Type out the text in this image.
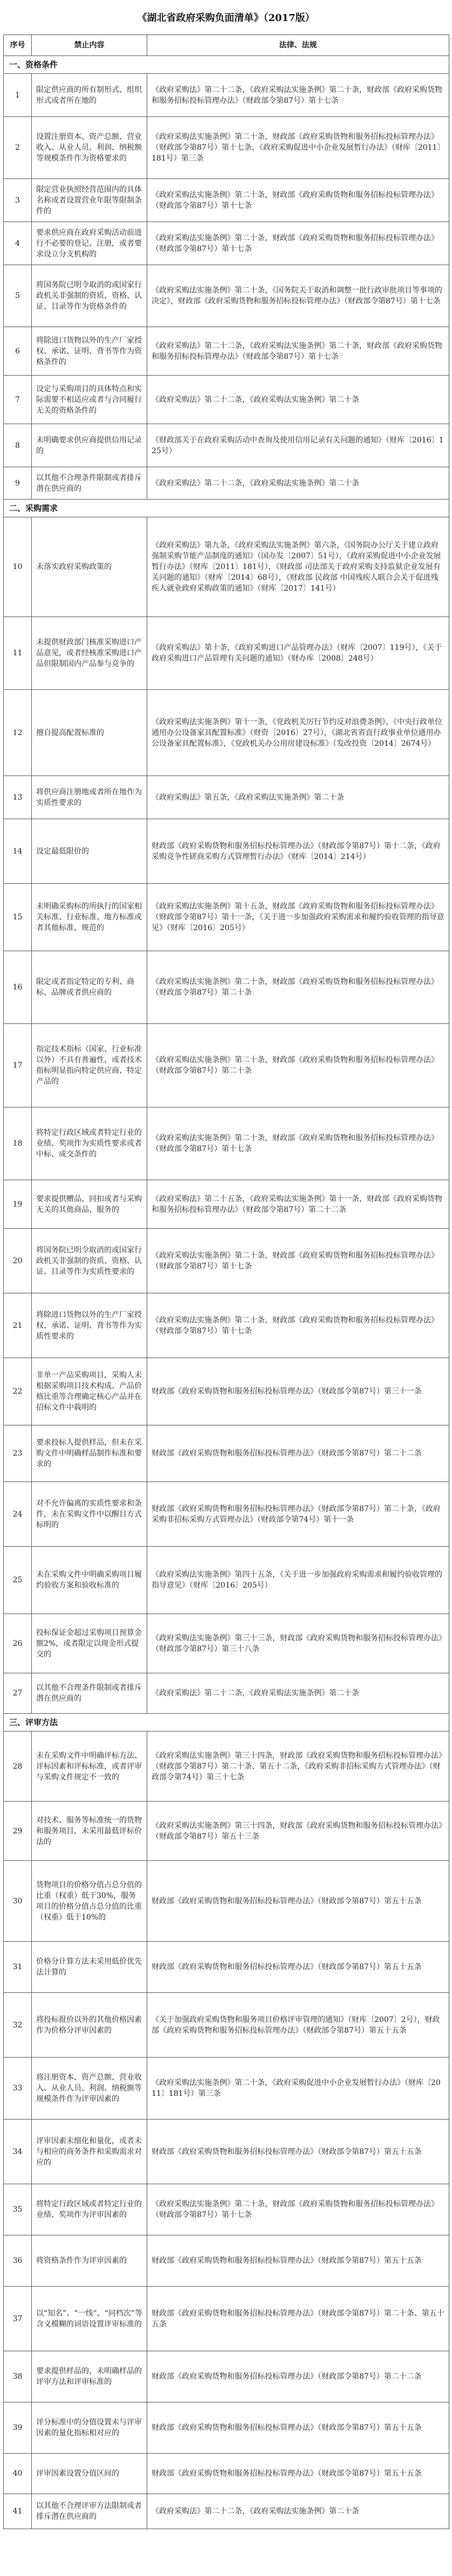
《湖北省政府采购负面清单》（2017版）
序号	禁止内容	法律、法规
一、资格条件		
1	限定供应商的所有制形式、组织形式或者所在地的	《政府采购法》第二十二条，《政府采购法实施条例》第二十条，财政部《政府采购货物和服务招标投标管理办法》（财政部令第87号）第十七条
2	设置注册资本、资产总额、营业收入、从业人员、利润、纳税额等规模条件作为资格要求的	《政府采购法实施条例》第二十条，财政部《政府采购货物和服务招标投标管理办法》（财政部令第87号）第十七条，《政府采购促进中小企业发展暂行办法》（财库〔2011〕181号）第三条
3	限定营业执照经营范围内的具体名称或者设置营业年限等限制条件的	《政府采购法实施条例》第二十条，财政部《政府采购货物和服务招标投标管理办法》（财政部令第87号）第十七条
4	要求供应商在政府采购活动前进行不必要的登记、注册，或者要求设立分支机构的	《政府采购法实施条例》第二十条，财政部《政府采购货物和服务招标投标管理办法》（财政部令第87号）第十七条
5	将国务院已明令取消的或国家行政机关非强制的资质、资格、认证、目录等作为资格条件的	《政府采购法实施条例》第二十条，《国务院关于取消和调整一批行政审批项目等事项的决定》，财政部《政府采购货物和服务招标投标管理办法》（财政部令第87号）第十七条
6	将除进口货物以外的生产厂家授权、承诺、证明、背书等作为资格条件的	《政府采购法》第二十二条，《政府采购法实施条例》第二十条，财政部《政府采购货物和服务招标投标管理办法》（财政部令第87号）第十七条
7	设定与采购项目的具体特点和实际需要不相适应或者与合同履行无关的资格条件的	《政府采购法》第二十二条，《政府采购法实施条例》第二十条
8	未明确要求供应商提供信用记录的	《财政部关于在政府采购活动中查询及使用信用记录有关问题的通知》（财库〔2016〕125号）
9	以其他不合理条件限制或者排斥潜在供应商的	《政府采购法》第二十二条，《政府采购法实施条例》第二十条
二、采购需求		
10	未落实政府采购政策的	《政府采购法》第九条，《政府采购法实施条例》第六条，《国务院办公厅关于建立政府强制采购节能产品制度的通知》（国办发〔2007〕51号），《政府采购促进中小企业发展暂行办法》（财库〔2011〕181号），《财政部 司法部关于政府采购支持监狱企业发展有关问题的通知》（财库〔2014〕68号），《财政部 民政部 中国残疾人联合会关于促进残疾人就业政府采购政策的通知》（财库〔2017〕141号）
11	未提供财政部门核准采购进口产品意见，或者经核准采购进口产品但限制国内产品参与竞争的	《政府采购法》第十条，《政府采购进口产品管理办法》（财库〔2007〕119号），《关于政府采购进口产品管理有关问题的通知》（财办库〔2008〕248号）
12	擅自提高配置标准的	《政府采购法实施条例》第十一条，《党政机关厉行节约反对浪费条例》，《中央行政单位通用办公设备家具配置标准》（财资〔2016〕27号），《湖北省省直行政事业单位通用办公设备家具配置标准》，《党政机关办公用房建设标准》（发改投资〔2014〕2674号）
13	将供应商注册地或者所在地作为实质性要求的	《政府采购法》第五条，《政府采购法实施条例》第二十条
14	设定最低限价的	财政部《政府采购货物和服务招标投标管理办法》（财政部令第87号）第十二条，《政府采购竞争性磋商采购方式管理暂行办法》（财库〔2014〕214号）
15	未明确采购标的所执行的国家相关标准、行业标准、地方标准或者其他标准、规范的	《政府采购法实施条例》第十五条，财政部《政府采购货物和服务招标投标管理办法》（财政部令第87号）第十一条，《关于进一步加强政府采购需求和履约验收管理的指导意见》（财库〔2016〕205号）
16	限定或者指定特定的专利、商标、品牌或者供应商的	《政府采购法实施条例》第二十条，财政部《政府采购货物和服务招标投标管理办法》（财政部令第87号）第二十条
17	指定技术指标（国家、行业标准以外）不具有普遍性，或者技术指标明显指向特定供应商、特定产品的	《政府采购法实施条例》第二十条，财政部《政府采购货物和服务招标投标管理办法》（财政部令第87号）第二十条
18	将特定行政区域或者特定行业的业绩、奖项作为实质性要求或者中标、成交条件的	《政府采购法实施条例》第二十条，财政部《政府采购货物和服务招标投标管理办法》（财政部令第87号）第十七条
19	要求提供赠品、回扣或者与采购无关的其他商品、服务的	《政府采购法》第二十五条，《政府采购法实施条例》第十一条，财政部《政府采购货物和服务招标投标管理办法》（财政部令第87号）第二十二条
20	将国务院已明令取消的或国家行政机关非强制的资质、资格、认证、目录等作为实质性要求的	《政府采购法实施条例》第二十条，财政部《政府采购货物和服务招标投标管理办法》（财政部令第87号）第十七条
21	将除进口货物以外的生产厂家授权、承诺、证明、背书等作为实质性要求的	《政府采购法实施条例》第二十条，财政部《政府采购货物和服务招标投标管理办法》（财政部令第87号）第十七条
22	非单一产品采购项目，采购人未根据采购项目技术构成、产品价格比重等合理确定核心产品并在招标文件中载明的	财政部《政府采购货物和服务招标投标管理办法》（财政部令第87号）第三十一条
23	要求投标人提供样品，但未在采购文件中明确样品制作标准和要求的	财政部《政府采购货物和服务招标投标管理办法》（财政部令第87号）第二十二条
24	对不允许偏离的实质性要求和条件，未在采购文件中以醒目方式标明的	财政部《政府采购货物和服务招标投标管理办法》（财政部令第87号）第二十条，《政府采购非招标采购方式管理办法》（财政部令第74号）第十一条
25	未在采购文件中明确采购项目履约验收方案和验收标准的	《政府采购法实施条例》第四十五条，《关于进一步加强政府采购需求和履约验收管理的指导意见》（财库〔2016〕205号）
26	投标保证金超过采购项目预算金额2%，或者限定以现金形式提交的	《政府采购法实施条例》第三十三条，财政部《政府采购货物和服务招标投标管理办法》（财政部令第87号）第三十八条
27	以其他不合理条件限制或者排斥潜在供应商的	《政府采购法》第二十二条，《政府采购法实施条例》第二十条
三、评审方法		
28	未在采购文件中明确评标方法、评标因素和评标标准，或者评审与采购文件规定不一致的	《政府采购法实施条例》第三十四条，财政部《政府采购货物和服务招标投标管理办法》（财政部令第87号）第二十条、第五十二条，《政府采购非招标采购方式管理办法》（财政部令第74号）第三十七条
29	对技术、服务等标准统一的货物和服务项目，未采用最低评标价法的	《政府采购法实施条例》第三十四条，财政部《政府采购货物和服务招标投标管理办法》（财政部令第87号）第五十三条
30	货物项目的价格分值占总分值的比重（权重）低于30%，服务项目的价格分值占总分值的比重（权重）低于10%的	财政部《政府采购货物和服务招标投标管理办法》（财政部令第87号）第五十五条
31	价格分计算方法未采用低价优先法计算的	财政部《政府采购货物和服务招标投标管理办法》（财政部令第87号）第五十五条
32	将投标报价以外的其他价格因素作为价格分评审因素的	《关于加强政府采购货物和服务项目价格评审管理的通知》（财库〔2007〕2号），财政部《政府采购货物和服务招标投标管理办法》（财政部令第87号）第五十五条
33	将注册资本、资产总额、营业收入、从业人员、利润、纳税额等规模条件作为评审因素的	《政府采购法实施条例》第二十条，《政府采购促进中小企业发展暂行办法》（财库〔2011〕181号）第三条
34	评审因素未细化和量化，或者未与相应的商务条件和采购需求对应的	财政部《政府采购货物和服务招标投标管理办法》（财政部令第87号）第五十五条
35	将特定行政区域或者特定行业的业绩、奖项作为评审因素的	《政府采购法实施条例》第二十条，财政部《政府采购货物和服务招标投标管理办法》（财政部令第87号）第十七条
36	将资格条件作为评审因素的	财政部《政府采购货物和服务招标投标管理办法》（财政部令第87号）第五十五条
37	以“知名”、“一线”、“同档次”等含义模糊的词语设置评审标准的	财政部《政府采购货物和服务招标投标管理办法》（财政部令第87号）第二十条、第五十五条
38	要求提供样品的，未明确样品的评审方法和评审标准的	财政部《政府采购货物和服务招标投标管理办法》（财政部令第87号）第二十二条
39	评分标准中的分值设置未与评审因素的量化指标相对应的	财政部《政府采购货物和服务招标投标管理办法》（财政部令第87号）第五十五条
40	评审因素设置分值区间的	财政部《政府采购货物和服务招标投标管理办法》（财政部令第87号）第五十五条
41	以其他不合理评审方法限制或者排斥潜在供应商的	《政府采购法》第二十二条，《政府采购法实施条例》第二十条
